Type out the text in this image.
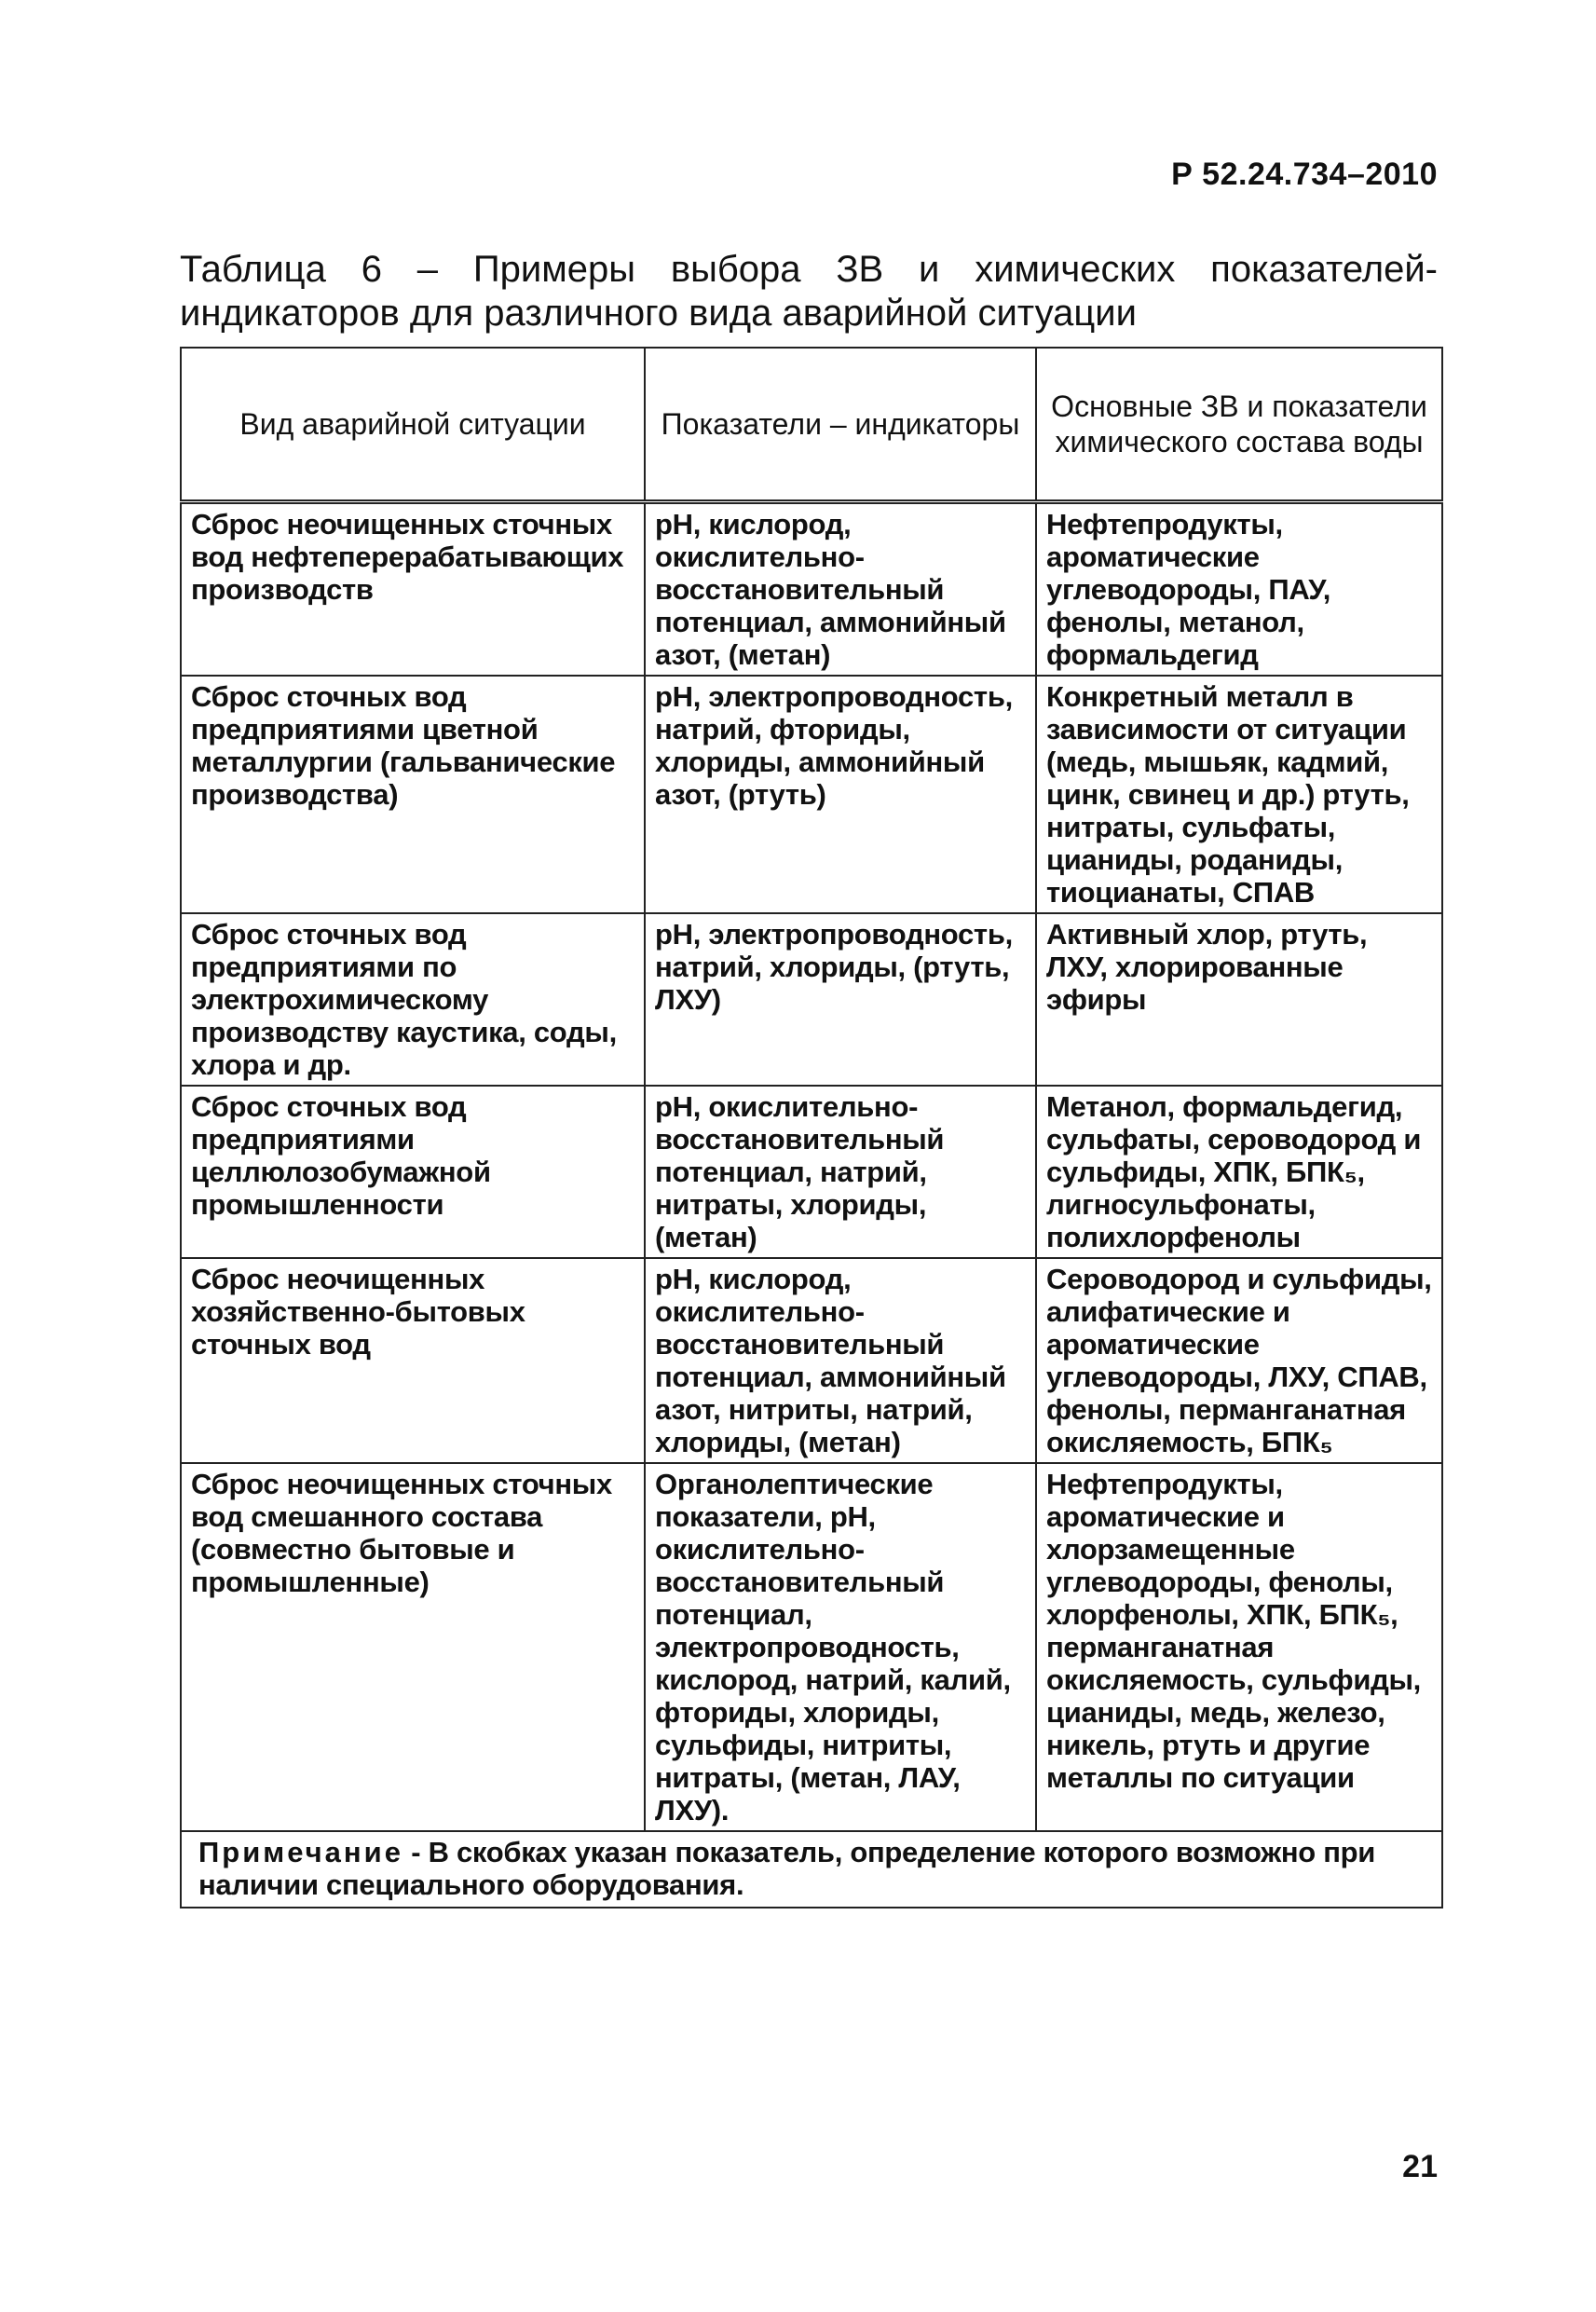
Р 52.24.734–2010
Таблица 6 – Примеры выбора ЗВ и химических показателей-индикаторов для различного вида аварийной ситуации
Вид аварийной ситуации	Показатели – индикаторы	Основные ЗВ и показатели химического состава воды
Сброс неочищенных сточных вод нефтеперерабатывающих производств	pH, кислород, окислительно-восстановительный потенциал, аммонийный азот, (метан)	Нефтепродукты, ароматические углеводороды, ПАУ, фенолы, метанол, формальдегид
Сброс сточных вод предприятиями цветной металлургии (гальванические производства)	pH, электропроводность, натрий, фториды, хлориды, аммонийный азот, (ртуть)	Конкретный металл в зависимости от ситуации (медь, мышьяк, кадмий, цинк, свинец и др.) ртуть, нитраты, сульфаты, цианиды, роданиды, тиоцианаты, СПАВ
Сброс сточных вод предприятиями по электрохимическому производству каустика, соды, хлора и др.	pH, электропроводность, натрий, хлориды, (ртуть, ЛХУ)	Активный хлор, ртуть, ЛХУ, хлорированные эфиры
Сброс сточных вод предприятиями целлюлозобумажной промышленности	pH, окислительно-восстановительный потенциал, натрий, нитраты, хлориды, (метан)	Метанол, формальдегид, сульфаты, сероводород и сульфиды, ХПК, БПК₅, лигносульфонаты, полихлорфенолы
Сброс неочищенных хозяйственно-бытовых сточных вод	pH, кислород, окислительно-восстановительный потенциал, аммонийный азот, нитриты, натрий, хлориды, (метан)	Сероводород и сульфиды, алифатические и ароматические углеводороды, ЛХУ, СПАВ, фенолы, перманганатная окисляемость, БПК₅
Сброс неочищенных сточных вод смешанного состава (совместно бытовые и промышленные)	Органолептические показатели, pH, окислительно-восстановительный потенциал, электропроводность, кислород, натрий, калий, фториды, хлориды, сульфиды, нитриты, нитраты, (метан, ЛАУ, ЛХУ).	Нефтепродукты, ароматические и хлорзамещенные углеводороды, фенолы, хлорфенолы, ХПК, БПК₅, перманганатная окисляемость, сульфиды, цианиды, медь, железо, никель, ртуть и другие металлы по ситуации
Примечание - В скобках указан показатель, определение которого возможно при наличии специального оборудования.		
21
